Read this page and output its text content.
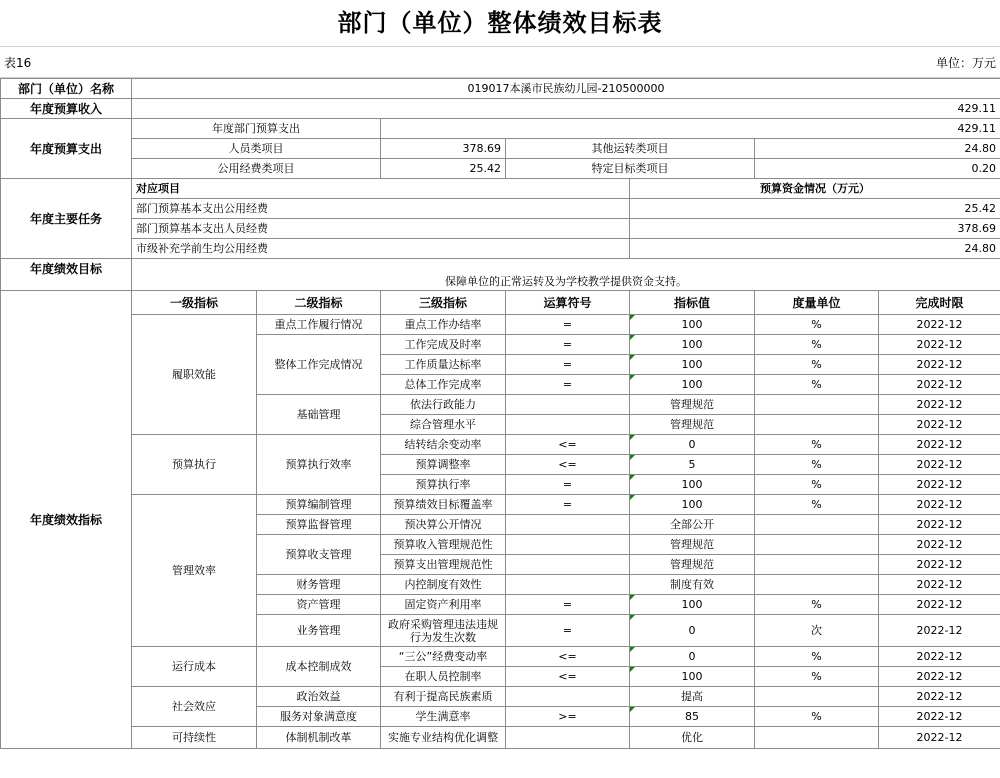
部门（单位）整体绩效目标表
表16	单位：万元
部门（单位）名称	019017本溪市民族幼儿园-210500000						
年度预算收入	429.11						
年度预算支出	年度部门预算支出		429.11				
	人员类项目		378.69	其他运转类项目		24.80	
	公用经费类项目		25.42	特定目标类项目		0.20	
年度主要任务	对应项目				预算资金情况（万元）		
	部门预算基本支出公用经费				25.42		
	部门预算基本支出人员经费				378.69		
	市级补充学前生均公用经费				24.80		
年度绩效目标	保障单位的正常运转及为学校教学提供资金支持。						
年度绩效指标	一级指标	二级指标	三级指标	运算符号	指标值	度量单位	完成时限
	履职效能	重点工作履行情况	重点工作办结率	=	100	%	2022-12
		整体工作完成情况	工作完成及时率	=	100	%	2022-12
			工作质量达标率	=	100	%	2022-12
			总体工作完成率	=	100	%	2022-12
		基础管理	依法行政能力		管理规范		2022-12
			综合管理水平		管理规范		2022-12
	预算执行	预算执行效率	结转结余变动率	<=	0	%	2022-12
			预算调整率	<=	5	%	2022-12
			预算执行率	=	100	%	2022-12
	管理效率	预算编制管理	预算绩效目标覆盖率	=	100	%	2022-12
		预算监督管理	预决算公开情况		全部公开		2022-12
		预算收支管理	预算收入管理规范性		管理规范		2022-12
			预算支出管理规范性		管理规范		2022-12
		财务管理	内控制度有效性		制度有效		2022-12
		资产管理	固定资产利用率	=	100	%	2022-12
		业务管理	政府采购管理违法违规行为发生次数	=	0	次	2022-12
	运行成本	成本控制成效	“三公”经费变动率	<=	0	%	2022-12
			在职人员控制率	<=	100	%	2022-12
	社会效应	政治效益	有利于提高民族素质		提高		2022-12
		服务对象满意度	学生满意率	>=	85	%	2022-12
	可持续性	体制机制改革	实施专业结构优化调整		优化		2022-12
